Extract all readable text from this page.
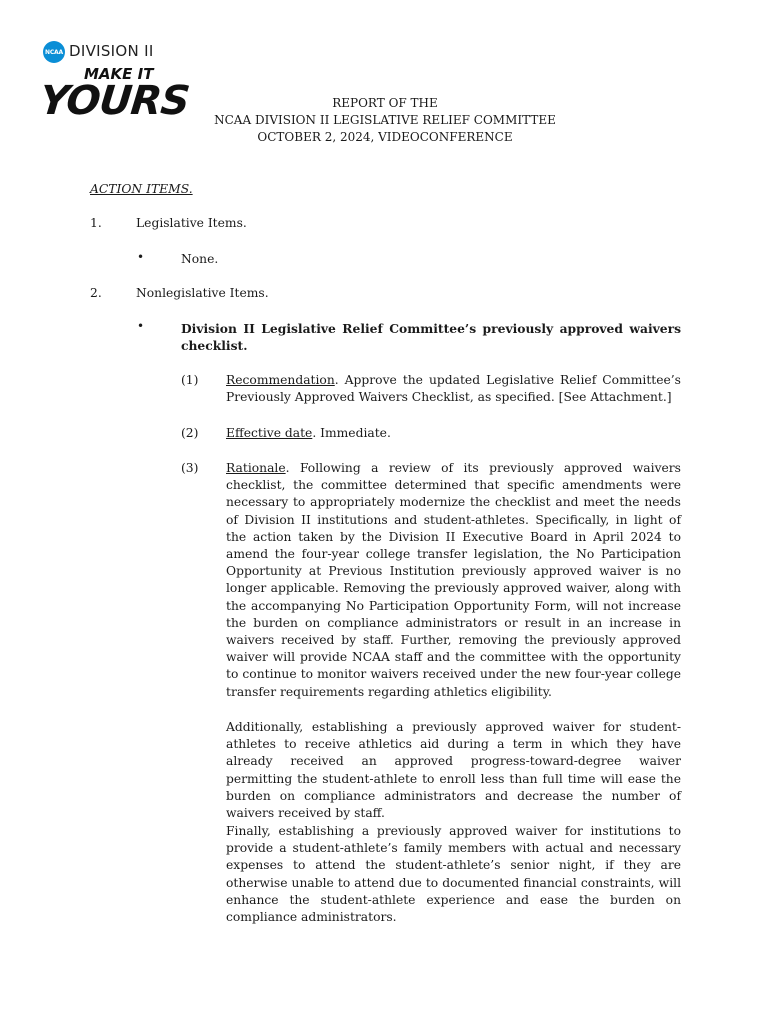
NCAA DIVISION II
MAKE IT
YOURS	REPORT OF THE
NCAA DIVISION II LEGISLATIVE RELIEF COMMITTEE
OCTOBER 2, 2024, VIDEOCONFERENCE
ACTION ITEMS.
1.	Legislative Items.
•	None.
2.	Nonlegislative Items.
•	Division II Legislative Relief Committee’s previously approved waivers checklist.
(1) Recommendation. Approve the updated Legislative Relief Committee’s Previously Approved Waivers Checklist, as specified. [See Attachment.]
(2) Effective date. Immediate.
(3) Rationale. Following a review of its previously approved waivers checklist, the committee determined that specific amendments were necessary to appropriately modernize the checklist and meet the needs of Division II institutions and student-athletes. Specifically, in light of the action taken by the Division II Executive Board in April 2024 to amend the four-year college transfer legislation, the No Participation Opportunity at Previous Institution previously approved waiver is no longer applicable. Removing the previously approved waiver, along with the accompanying No Participation Opportunity Form, will not increase the burden on compliance administrators or result in an increase in waivers received by staff. Further, removing the previously approved waiver will provide NCAA staff and the committee with the opportunity to continue to monitor waivers received under the new four-year college transfer requirements regarding athletics eligibility.
Additionally, establishing a previously approved waiver for student-athletes to receive athletics aid during a term in which they have already received an approved progress-toward-degree waiver permitting the student-athlete to enroll less than full time will ease the burden on compliance administrators and decrease the number of waivers received by staff.
Finally, establishing a previously approved waiver for institutions to provide a student-athlete’s family members with actual and necessary expenses to attend the student-athlete’s senior night, if they are otherwise unable to attend due to documented financial constraints, will enhance the student-athlete experience and ease the burden on compliance administrators.
